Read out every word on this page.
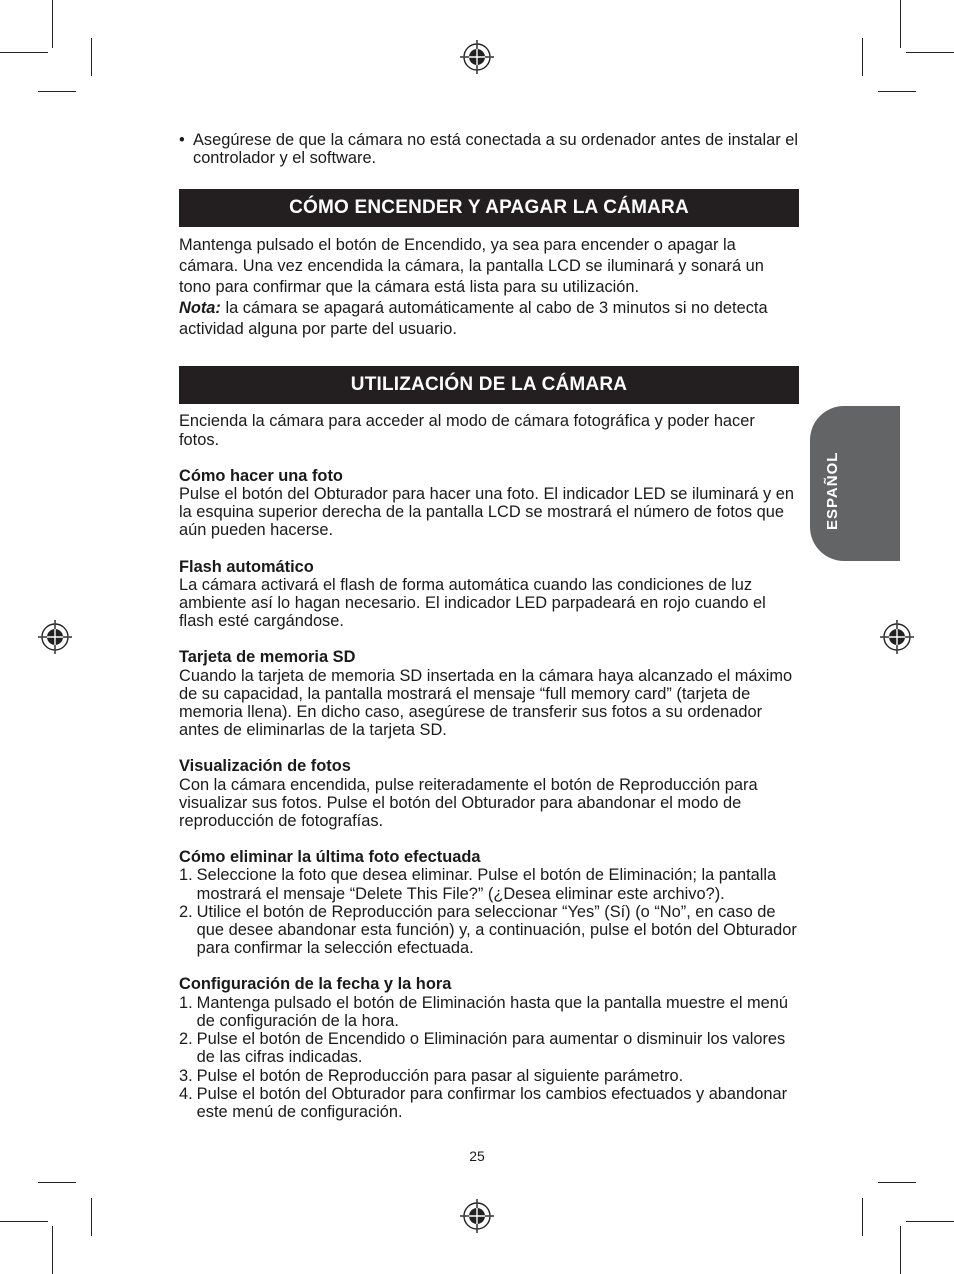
ESPAÑOL
• Asegúrese de que la cámara no está conectada a su ordenador antes de instalar el controlador y el software.
CÓMO ENCENDER Y APAGAR LA CÁMARA

Mantenga pulsado el botón de Encendido, ya sea para encender o apagar la cámara. Una vez encendida la cámara, la pantalla LCD se iluminará y sonará un tono para confirmar que la cámara está lista para su utilización.
Nota: la cámara se apagará automáticamente al cabo de 3 minutos si no detecta actividad alguna por parte del usuario.

UTILIZACIÓN DE LA CÁMARA

Encienda la cámara para acceder al modo de cámara fotográfica y poder hacer fotos.

Cómo hacer una foto

Pulse el botón del Obturador para hacer una foto. El indicador LED se iluminará y en la esquina superior derecha de la pantalla LCD se mostrará el número de fotos que aún pueden hacerse.

Flash automático

La cámara activará el flash de forma automática cuando las condiciones de luz ambiente así lo hagan necesario. El indicador LED parpadeará en rojo cuando el flash esté cargándose.

Tarjeta de memoria SD

Cuando la tarjeta de memoria SD insertada en la cámara haya alcanzado el máximo de su capacidad, la pantalla mostrará el mensaje “full memory card” (tarjeta de memoria llena). En dicho caso, asegúrese de transferir sus fotos a su ordenador antes de eliminarlas de la tarjeta SD.

Visualización de fotos

Con la cámara encendida, pulse reiteradamente el botón de Reproducción para visualizar sus fotos. Pulse el botón del Obturador para abandonar el modo de reproducción de fotografías.

Cómo eliminar la última foto efectuada
1. Seleccione la foto que desea eliminar. Pulse el botón de Eliminación; la pantalla mostrará el mensaje “Delete This File?” (¿Desea eliminar este archivo?).
2. Utilice el botón de Reproducción para seleccionar “Yes” (Sí) (o “No”, en caso de que desee abandonar esta función) y, a continuación, pulse el botón del Obturador para confirmar la selección efectuada.
Configuración de la fecha y la hora
1. Mantenga pulsado el botón de Eliminación hasta que la pantalla muestre el menú de configuración de la hora.
2. Pulse el botón de Encendido o Eliminación para aumentar o disminuir los valores de las cifras indicadas.
3. Pulse el botón de Reproducción para pasar al siguiente parámetro.
4. Pulse el botón del Obturador para confirmar los cambios efectuados y abandonar este menú de configuración.
25
